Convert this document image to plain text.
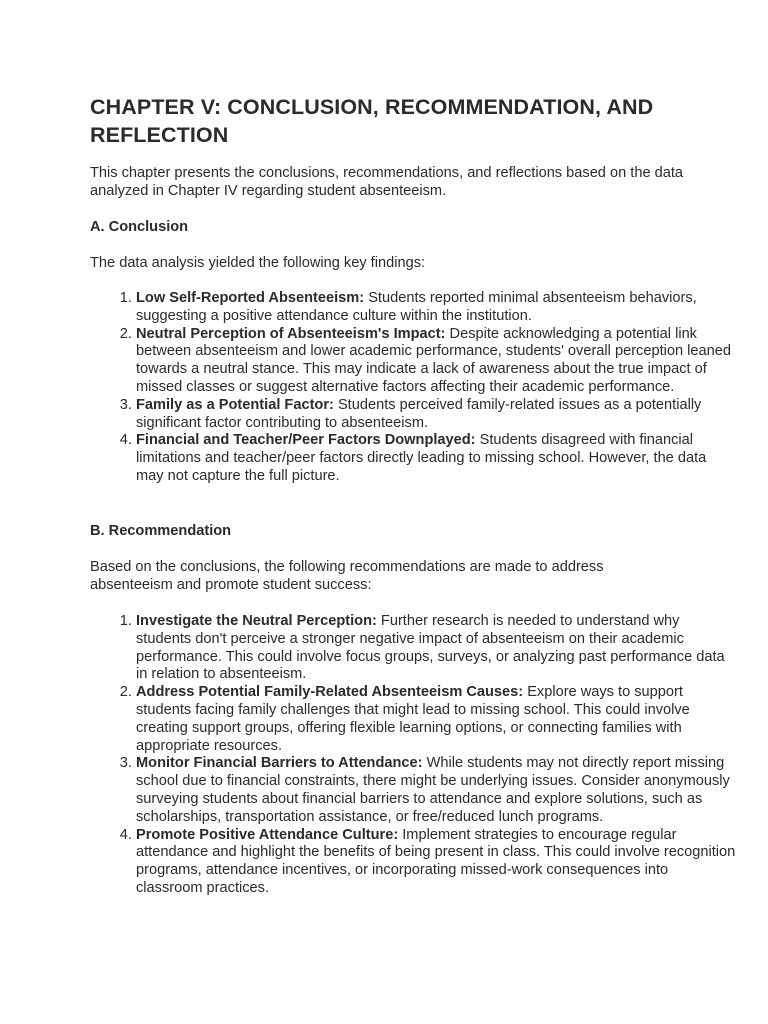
CHAPTER V: CONCLUSION, RECOMMENDATION, AND REFLECTION

This chapter presents the conclusions, recommendations, and reflections based on the data analyzed in Chapter IV regarding student absenteeism.

A. Conclusion

The data analysis yielded the following key findings:

1. Low Self-Reported Absenteeism: Students reported minimal absenteeism behaviors, suggesting a positive attendance culture within the institution.
2. Neutral Perception of Absenteeism's Impact: Despite acknowledging a potential link between absenteeism and lower academic performance, students' overall perception leaned towards a neutral stance. This may indicate a lack of awareness about the true impact of missed classes or suggest alternative factors affecting their academic performance.
3. Family as a Potential Factor: Students perceived family-related issues as a potentially significant factor contributing to absenteeism.
4. Financial and Teacher/Peer Factors Downplayed: Students disagreed with financial limitations and teacher/peer factors directly leading to missing school. However, the data may not capture the full picture.

B. Recommendation

Based on the conclusions, the following recommendations are made to address absenteeism and promote student success:

1. Investigate the Neutral Perception: Further research is needed to understand why students don't perceive a stronger negative impact of absenteeism on their academic performance. This could involve focus groups, surveys, or analyzing past performance data in relation to absenteeism.
2. Address Potential Family-Related Absenteeism Causes: Explore ways to support students facing family challenges that might lead to missing school. This could involve creating support groups, offering flexible learning options, or connecting families with appropriate resources.
3. Monitor Financial Barriers to Attendance: While students may not directly report missing school due to financial constraints, there might be underlying issues. Consider anonymously surveying students about financial barriers to attendance and explore solutions, such as scholarships, transportation assistance, or free/reduced lunch programs.
4. Promote Positive Attendance Culture: Implement strategies to encourage regular attendance and highlight the benefits of being present in class. This could involve recognition programs, attendance incentives, or incorporating missed-work consequences into classroom practices.
